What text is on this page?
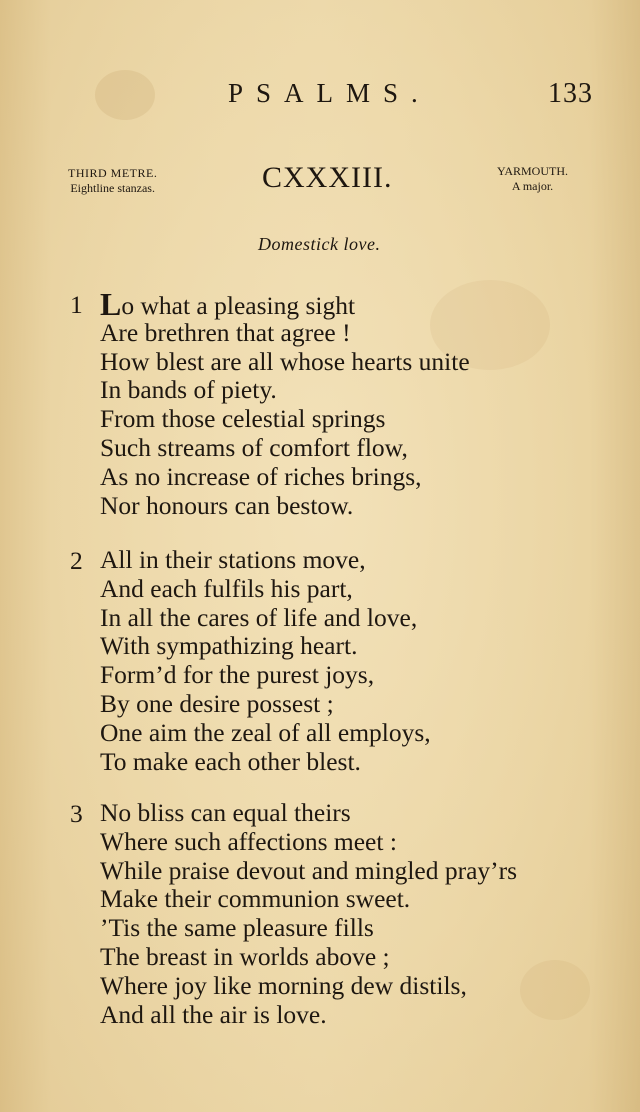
PSALMS.	133
THIRD METRE.
Eightline stanzas.	CXXXIII.	YARMOUTH.
A major.
Domestick love.
1 Lo what a pleasing sight
Are brethren that agree !
How blest are all whose hearts unite
In bands of piety.
From those celestial springs
Such streams of comfort flow,
As no increase of riches brings,
Nor honours can bestow.
2 All in their stations move,
And each fulfils his part,
In all the cares of life and love,
With sympathizing heart.
Form’d for the purest joys,
By one desire possest ;
One aim the zeal of all employs,
To make each other blest.
3 No bliss can equal theirs
Where such affections meet :
While praise devout and mingled pray’rs
Make their communion sweet.
’Tis the same pleasure fills
The breast in worlds above ;
Where joy like morning dew distils,
And all the air is love.
